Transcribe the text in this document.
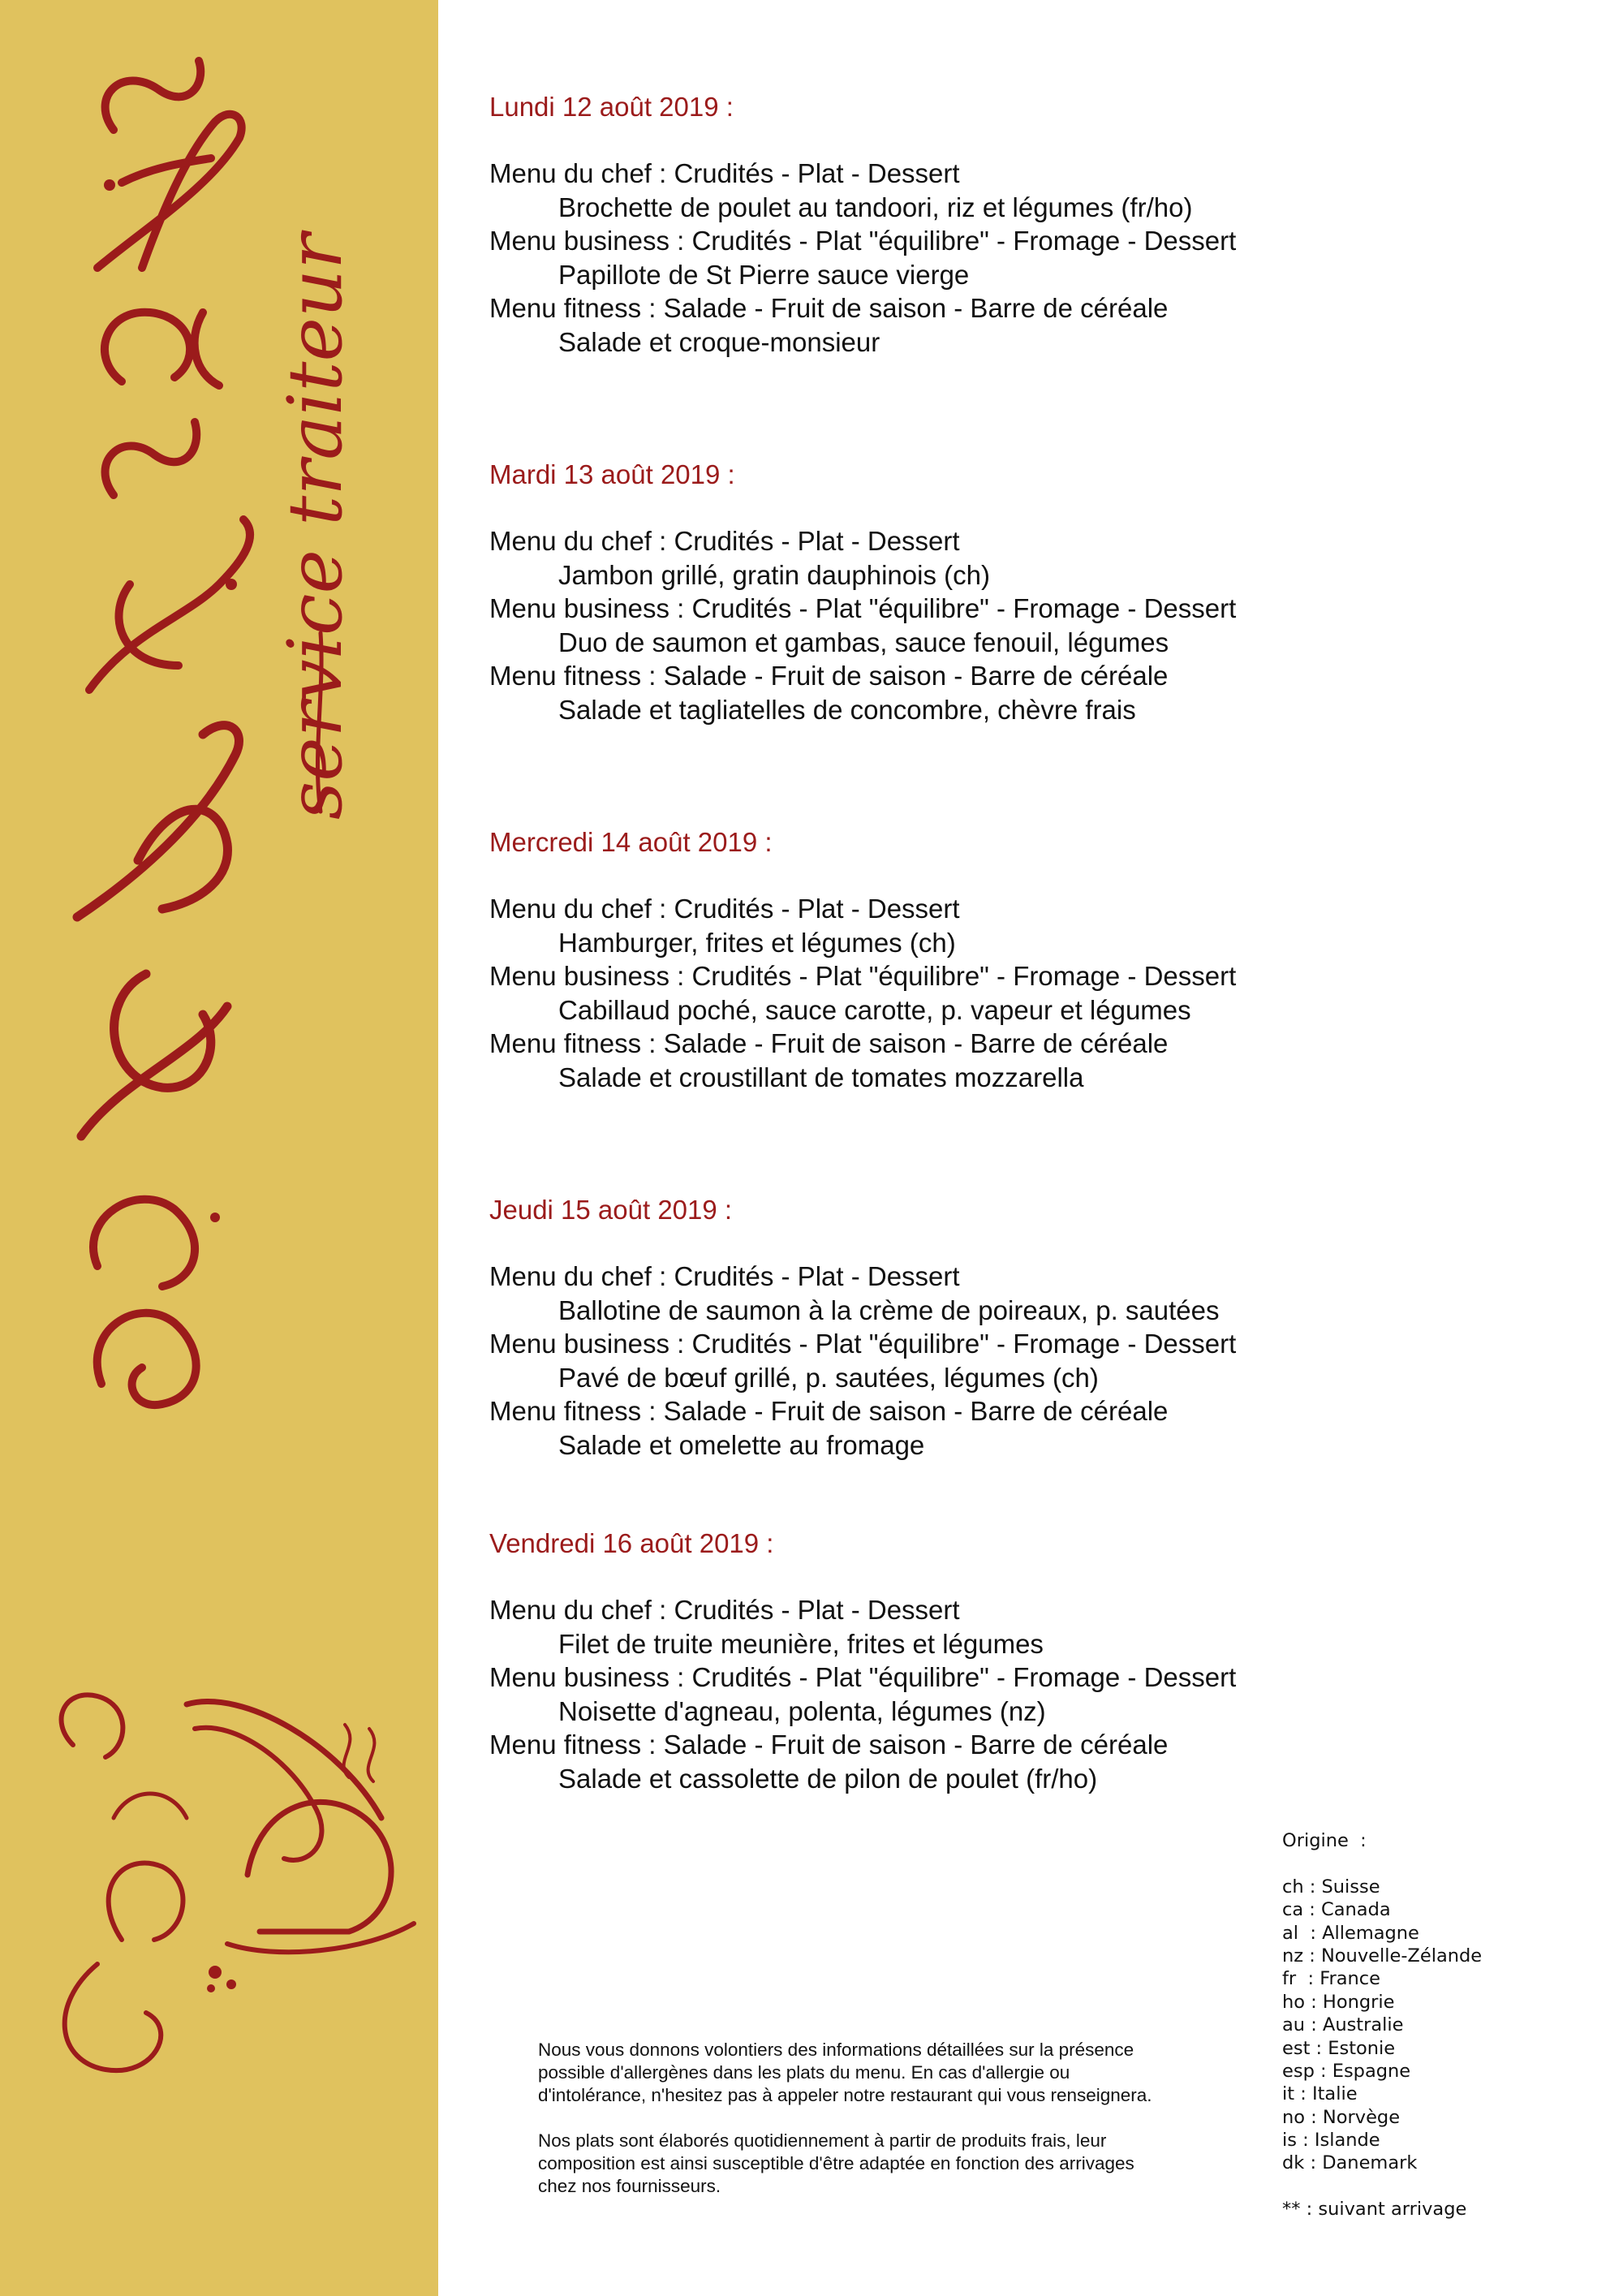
service traiteur
Lundi 12 août 2019 :
Menu du chef : Crudités - Plat - Dessert
Brochette de poulet au tandoori, riz et légumes (fr/ho)
Menu business : Crudités - Plat "équilibre" - Fromage - Dessert
Papillote de St Pierre sauce vierge
Menu fitness : Salade - Fruit de saison - Barre de céréale
Salade et croque-monsieur
Mardi 13 août 2019 :
Menu du chef : Crudités - Plat - Dessert
Jambon grillé, gratin dauphinois (ch)
Menu business : Crudités - Plat "équilibre" - Fromage - Dessert
Duo de saumon et gambas, sauce fenouil, légumes
Menu fitness : Salade - Fruit de saison - Barre de céréale
Salade et tagliatelles de concombre, chèvre frais
Mercredi 14 août 2019 :
Menu du chef : Crudités - Plat - Dessert
Hamburger, frites et légumes (ch)
Menu business : Crudités - Plat "équilibre" - Fromage - Dessert
Cabillaud poché, sauce carotte, p. vapeur et légumes
Menu fitness : Salade - Fruit de saison - Barre de céréale
Salade et croustillant de tomates mozzarella
Jeudi 15 août 2019 :
Menu du chef : Crudités - Plat - Dessert
Ballotine de saumon à la crème de poireaux, p. sautées
Menu business : Crudités - Plat "équilibre" - Fromage - Dessert
Pavé de bœuf grillé, p. sautées, légumes (ch)
Menu fitness : Salade - Fruit de saison - Barre de céréale
Salade et omelette au fromage
Vendredi 16 août 2019 :
Menu du chef : Crudités - Plat - Dessert
Filet de truite meunière, frites et légumes
Menu business : Crudités - Plat "équilibre" - Fromage - Dessert
Noisette d'agneau, polenta, légumes (nz)
Menu fitness : Salade - Fruit de saison - Barre de céréale
Salade et cassolette de pilon de poulet (fr/ho)

Nous vous donnons volontiers des informations détaillées sur la présence possible d'allergènes dans les plats du menu. En cas d'allergie ou d'intolérance, n'hesitez pas à appeler notre restaurant qui vous renseignera.

Nos plats sont élaborés quotidiennement à partir de produits frais, leur composition est ainsi susceptible d'être adaptée en fonction des arrivages chez nos fournisseurs.

Origine  :
ch : Suisse
ca : Canada
al  : Allemagne
nz : Nouvelle-Zélande
fr  : France
ho : Hongrie
au : Australie
est : Estonie
esp : Espagne
it : Italie
no : Norvège
is : Islande
dk : Danemark
** : suivant arrivage
